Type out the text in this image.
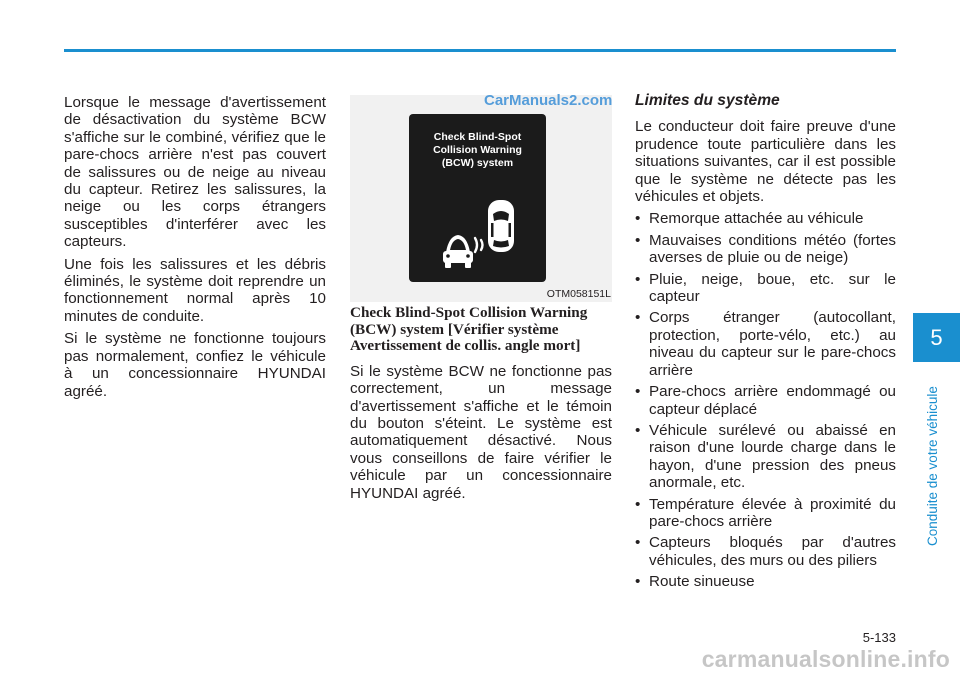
Lorsque le message d'avertissement de désactivation du système BCW s'affiche sur le combiné, vérifiez que le pare-chocs arrière n'est pas couvert de salissures ou de neige au niveau du capteur. Retirez les salissures, la neige ou les corps étrangers susceptibles d'interférer avec les capteurs.

Une fois les salissures et les débris éliminés, le système doit reprendre un fonctionnement normal après 10 minutes de conduite.

Si le système ne fonctionne toujours pas normalement, confiez le véhicule à un concessionnaire HYUNDAI agréé.

CarManuals2.com
Check Blind-Spot
Collision Warning
(BCW) system
OTM058151L

Check Blind-Spot Collision Warning (BCW) system [Vérifier système Avertissement de collis. angle mort]

Si le système BCW ne fonctionne pas correctement, un message d'avertissement s'affiche et le témoin du bouton s'éteint. Le système est automatiquement désactivé. Nous vous conseillons de faire vérifier le véhicule par un concessionnaire HYUNDAI agréé.

Limites du système

Le conducteur doit faire preuve d'une prudence toute particulière dans les situations suivantes, car il est possible que le système ne détecte pas les véhicules et objets.

• Remorque attachée au véhicule
• Mauvaises conditions météo (fortes averses de pluie ou de neige)
• Pluie, neige, boue, etc. sur le capteur
• Corps étranger (autocollant, protection, porte-vélo, etc.) au niveau du capteur sur le pare-chocs arrière
• Pare-chocs arrière endommagé ou capteur déplacé
• Véhicule surélevé ou abaissé en raison d'une lourde charge dans le hayon, d'une pression des pneus anormale, etc.
• Température élevée à proximité du pare-chocs arrière
• Capteurs bloqués par d'autres véhicules, des murs ou des piliers
• Route sinueuse
5
Conduite de votre véhicule
5-133
carmanualsonline.info
